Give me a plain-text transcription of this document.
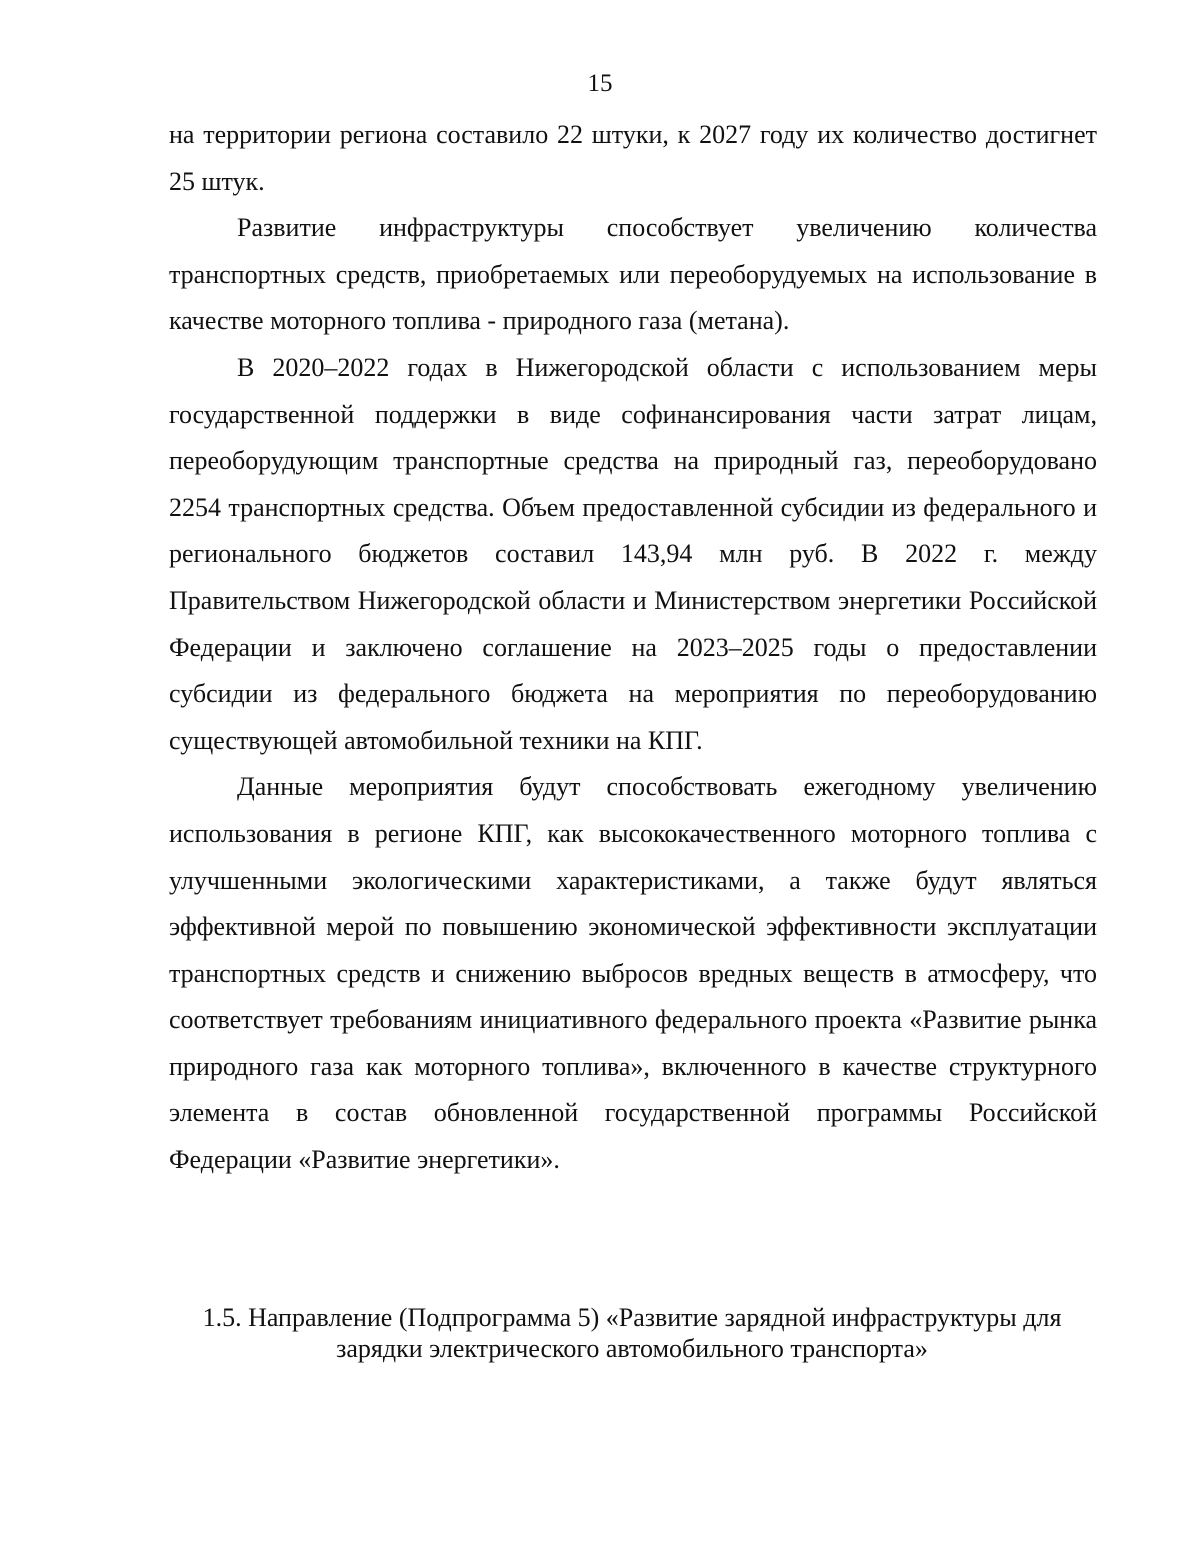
15

на территории региона составило 22 штуки, к 2027 году их количество достигнет 25 штук.

Развитие инфраструктуры способствует увеличению количества транспортных средств, приобретаемых или переоборудуемых на использование в качестве моторного топлива - природного газа (метана).

В 2020–2022 годах в Нижегородской области с использованием меры государственной поддержки в виде софинансирования части затрат лицам, переоборудующим транспортные средства на природный газ, переоборудовано 2254 транспортных средства. Объем предоставленной субсидии из федерального и регионального бюджетов составил 143,94 млн руб. В 2022 г. между Правительством Нижегородской области и Министерством энергетики Российской Федерации и заключено соглашение на 2023–2025 годы о предоставлении субсидии из федерального бюджета на мероприятия по переоборудованию существующей автомобильной техники на КПГ.

Данные мероприятия будут способствовать ежегодному увеличению использования в регионе КПГ, как высококачественного моторного топлива с улучшенными экологическими характеристиками, а также будут являться эффективной мерой по повышению экономической эффективности эксплуатации транспортных средств и снижению выбросов вредных веществ в атмосферу, что соответствует требованиям инициативного федерального проекта «Развитие рынка природного газа как моторного топлива», включенного в качестве структурного элемента в состав обновленной государственной программы Российской Федерации «Развитие энергетики».

1.5. Направление (Подпрограмма 5) «Развитие зарядной инфраструктуры для
зарядки электрического автомобильного транспорта»
